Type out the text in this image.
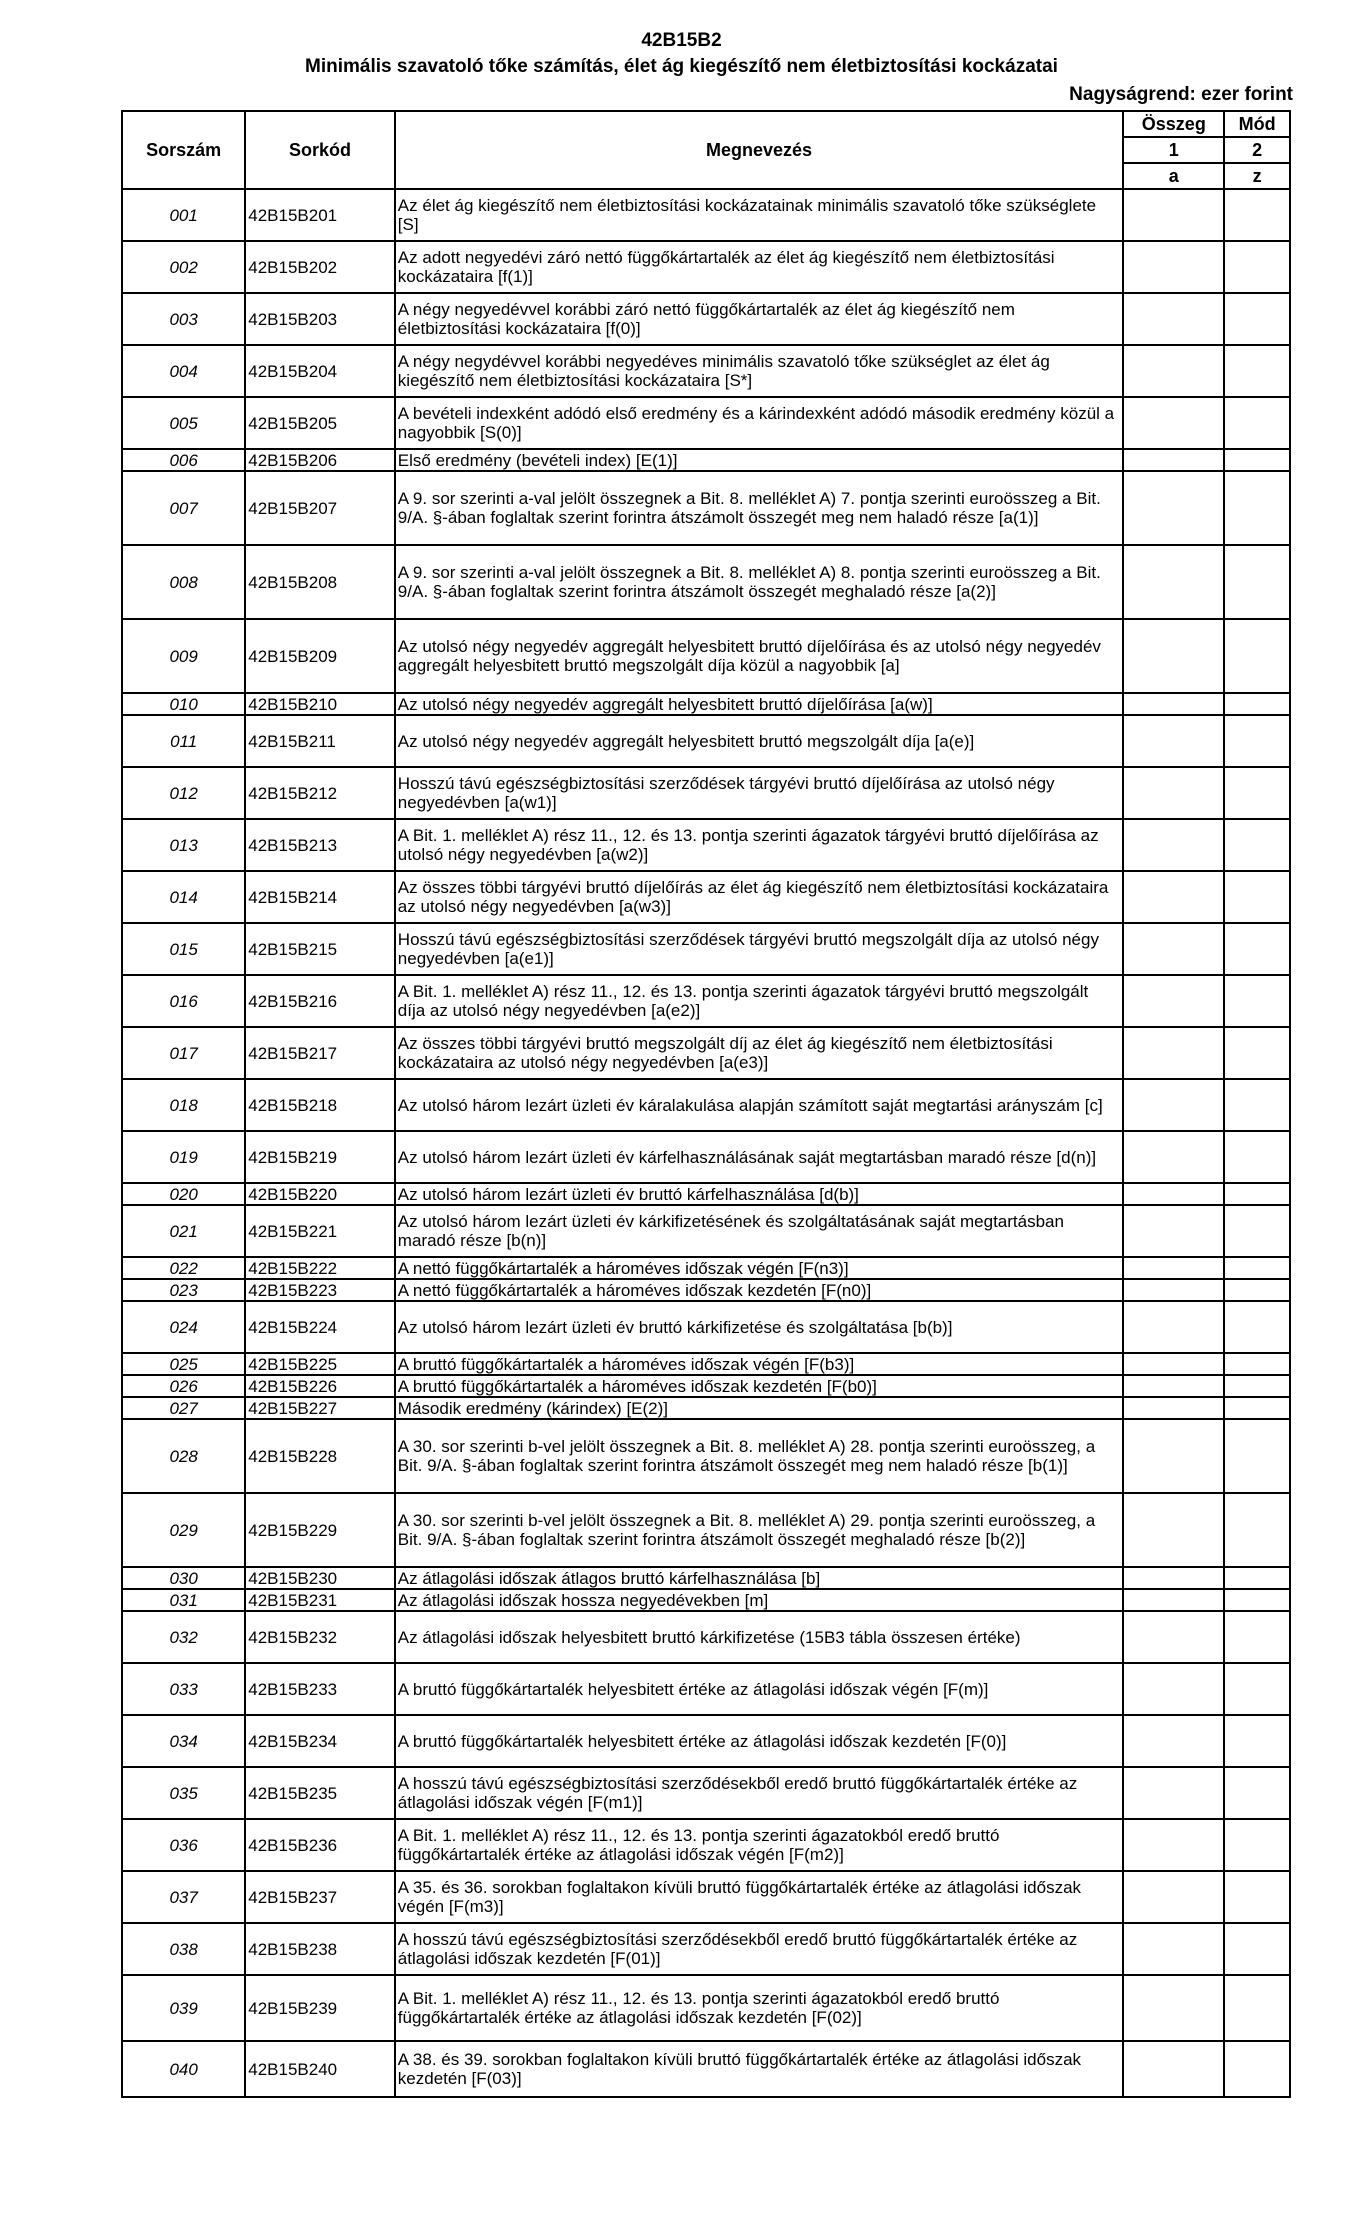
42B15B2
Minimális szavatoló tőke számítás, élet ág kiegészítő nem életbiztosítási kockázatai
Nagyságrend: ezer forint
Sorszám	Sorkód	Megnevezés	Összeg	Mód
			1	2
			a	z
001	42B15B201	Az élet ág kiegészítő nem életbiztosítási kockázatainak minimális szavatoló tőke szükséglete [S]		
002	42B15B202	Az adott negyedévi záró nettó függőkártartalék az élet ág kiegészítő nem életbiztosítási kockázataira [f(1)]		
003	42B15B203	A négy negyedévvel korábbi záró nettó függőkártartalék az élet ág kiegészítő nem életbiztosítási kockázataira [f(0)]		
004	42B15B204	A négy negydévvel korábbi negyedéves minimális szavatoló tőke szükséglet az élet ág kiegészítő nem életbiztosítási kockázataira [S*]		
005	42B15B205	A bevételi indexként adódó első eredmény és a kárindexként adódó második eredmény közül a nagyobbik [S(0)]		
006	42B15B206	Első eredmény (bevételi index) [E(1)]		
007	42B15B207	A 9. sor szerinti a-val jelölt összegnek a Bit. 8. melléklet A) 7. pontja szerinti euroösszeg a Bit. 9/A. §-ában foglaltak szerint forintra átszámolt összegét meg nem haladó része [a(1)]		
008	42B15B208	A 9. sor szerinti a-val jelölt összegnek a Bit. 8. melléklet A) 8. pontja szerinti euroösszeg a Bit. 9/A. §-ában foglaltak szerint forintra átszámolt összegét meghaladó része [a(2)]		
009	42B15B209	Az utolsó négy negyedév aggregált helyesbitett bruttó díjelőírása és az utolsó négy negyedév aggregált helyesbitett bruttó megszolgált díja közül a nagyobbik [a]		
010	42B15B210	Az utolsó négy negyedév aggregált helyesbitett bruttó díjelőírása [a(w)]		
011	42B15B211	Az utolsó négy negyedév aggregált helyesbitett bruttó megszolgált díja [a(e)]		
012	42B15B212	Hosszú távú egészségbiztosítási szerződések tárgyévi bruttó díjelőírása az utolsó négy negyedévben [a(w1)]		
013	42B15B213	A Bit. 1. melléklet A) rész 11., 12. és 13. pontja szerinti ágazatok tárgyévi bruttó díjelőírása az utolsó négy negyedévben [a(w2)]		
014	42B15B214	Az összes többi tárgyévi bruttó díjelőírás az élet ág kiegészítő nem életbiztosítási kockázataira az utolsó négy negyedévben [a(w3)]		
015	42B15B215	Hosszú távú egészségbiztosítási szerződések tárgyévi bruttó megszolgált díja az utolsó négy negyedévben [a(e1)]		
016	42B15B216	A Bit. 1. melléklet A) rész 11., 12. és 13. pontja szerinti ágazatok tárgyévi bruttó megszolgált díja az utolsó négy negyedévben [a(e2)]		
017	42B15B217	Az összes többi tárgyévi bruttó megszolgált díj az élet ág kiegészítő nem életbiztosítási kockázataira az utolsó négy negyedévben [a(e3)]		
018	42B15B218	Az utolsó három lezárt üzleti év káralakulása alapján számított saját megtartási arányszám [c]		
019	42B15B219	Az utolsó három lezárt üzleti év kárfelhasználásának saját megtartásban maradó része [d(n)]		
020	42B15B220	Az utolsó három lezárt üzleti év bruttó kárfelhasználása [d(b)]		
021	42B15B221	Az utolsó három lezárt üzleti év kárkifizetésének és szolgáltatásának saját megtartásban maradó része [b(n)]		
022	42B15B222	A nettó függőkártartalék a hároméves időszak végén [F(n3)]		
023	42B15B223	A nettó függőkártartalék a hároméves időszak kezdetén [F(n0)]		
024	42B15B224	Az utolsó három lezárt üzleti év bruttó kárkifizetése és szolgáltatása [b(b)]		
025	42B15B225	A bruttó függőkártartalék a hároméves időszak végén [F(b3)]		
026	42B15B226	A bruttó függőkártartalék a hároméves időszak kezdetén [F(b0)]		
027	42B15B227	Második eredmény (kárindex) [E(2)]		
028	42B15B228	A 30. sor szerinti b-vel jelölt összegnek a Bit. 8. melléklet A) 28. pontja szerinti euroösszeg, a Bit. 9/A. §-ában foglaltak szerint forintra átszámolt összegét meg nem haladó része [b(1)]		
029	42B15B229	A 30. sor szerinti b-vel jelölt összegnek a Bit. 8. melléklet A) 29. pontja szerinti euroösszeg, a Bit. 9/A. §-ában foglaltak szerint forintra átszámolt összegét meghaladó része [b(2)]		
030	42B15B230	Az átlagolási időszak átlagos bruttó kárfelhasználása [b]		
031	42B15B231	Az átlagolási időszak hossza negyedévekben [m]		
032	42B15B232	Az átlagolási időszak helyesbitett bruttó kárkifizetése (15B3 tábla összesen értéke)		
033	42B15B233	A bruttó függőkártartalék helyesbitett értéke az átlagolási időszak végén [F(m)]		
034	42B15B234	A bruttó függőkártartalék helyesbitett értéke az átlagolási időszak kezdetén [F(0)]		
035	42B15B235	A hosszú távú egészségbiztosítási szerződésekből eredő bruttó függőkártartalék értéke az átlagolási időszak végén [F(m1)]		
036	42B15B236	A Bit. 1. melléklet A) rész 11., 12. és 13. pontja szerinti ágazatokból eredő bruttó függőkártartalék értéke az átlagolási időszak végén [F(m2)]		
037	42B15B237	A 35. és 36. sorokban foglaltakon kívüli bruttó függőkártartalék értéke az átlagolási időszak végén [F(m3)]		
038	42B15B238	A hosszú távú egészségbiztosítási szerződésekből eredő bruttó függőkártartalék értéke az átlagolási időszak kezdetén [F(01)]		
039	42B15B239	A Bit. 1. melléklet A) rész 11., 12. és 13. pontja szerinti ágazatokból eredő bruttó függőkártartalék értéke az átlagolási időszak kezdetén [F(02)]		
040	42B15B240	A 38. és 39. sorokban foglaltakon kívüli bruttó függőkártartalék értéke az átlagolási időszak kezdetén [F(03)]		
